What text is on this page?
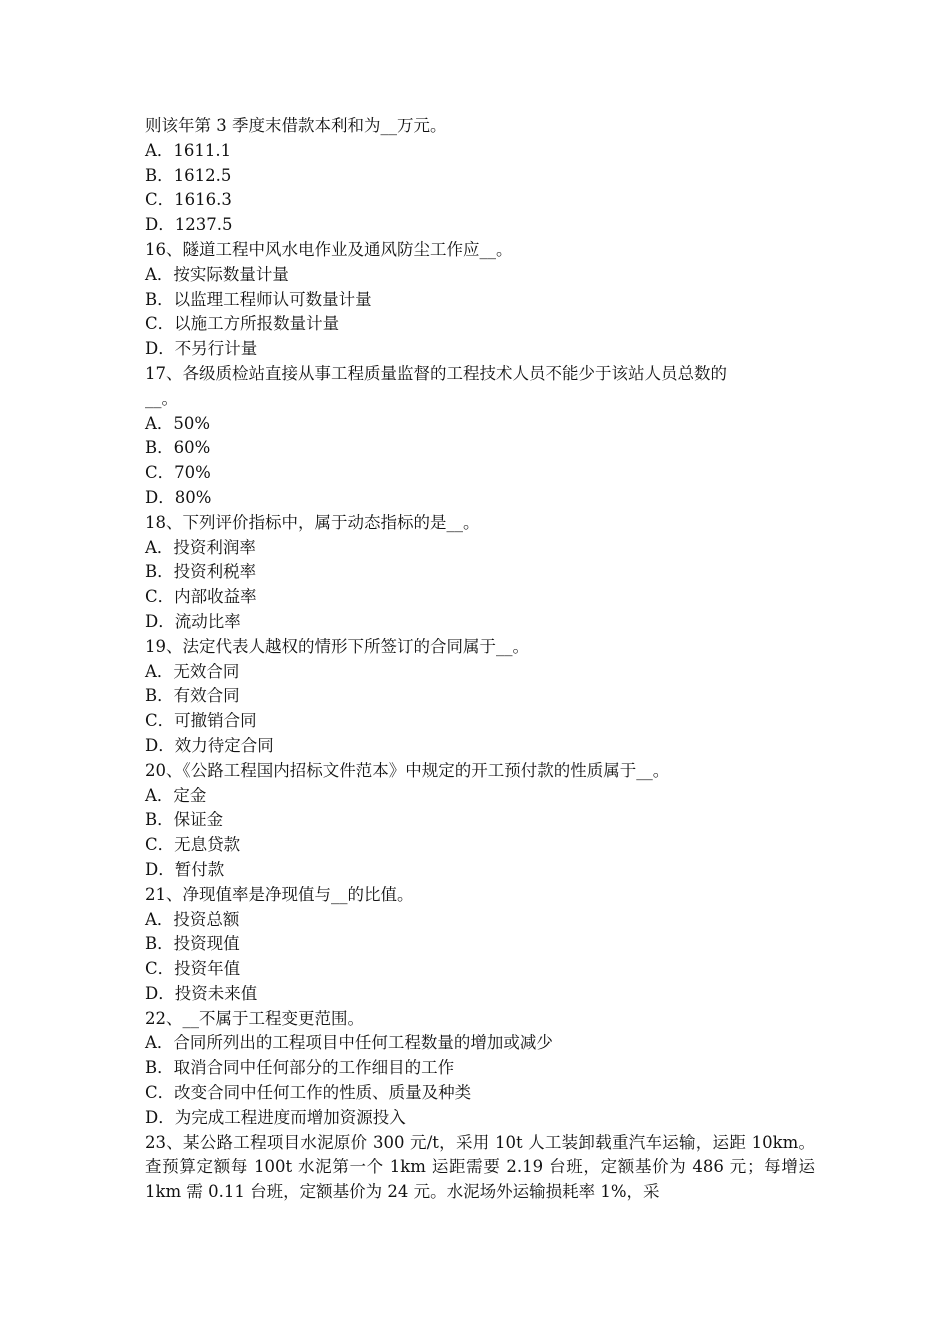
则该年第 3 季度末借款本利和为__万元。
A．1611.1
B．1612.5
C．1616.3
D．1237.5
16、隧道工程中风水电作业及通风防尘工作应__。
A．按实际数量计量
B．以监理工程师认可数量计量
C．以施工方所报数量计量
D．不另行计量
17、各级质检站直接从事工程质量监督的工程技术人员不能少于该站人员总数的
__。
A．50%
B．60%
C．70%
D．80%
18、下列评价指标中，属于动态指标的是__。
A．投资利润率
B．投资利税率
C．内部收益率
D．流动比率
19、法定代表人越权的情形下所签订的合同属于__。
A．无效合同
B．有效合同
C．可撤销合同
D．效力待定合同
20、《公路工程国内招标文件范本》中规定的开工预付款的性质属于__。
A．定金
B．保证金
C．无息贷款
D．暂付款
21、净现值率是净现值与__的比值。
A．投资总额
B．投资现值
C．投资年值
D．投资未来值
22、__不属于工程变更范围。
A．合同所列出的工程项目中任何工程数量的增加或减少
B．取消合同中任何部分的工作细目的工作
C．改变合同中任何工作的性质、质量及种类
D．为完成工程进度而增加资源投入
23、某公路工程项目水泥原价 300 元/t，采用 10t 人工装卸载重汽车运输，运距 10km。查预算定额每 100t 水泥第一个 1km 运距需要 2.19 台班，定额基价为 486 元；每增运 1km 需 0.11 台班，定额基价为 24 元。水泥场外运输损耗率 1%，采
